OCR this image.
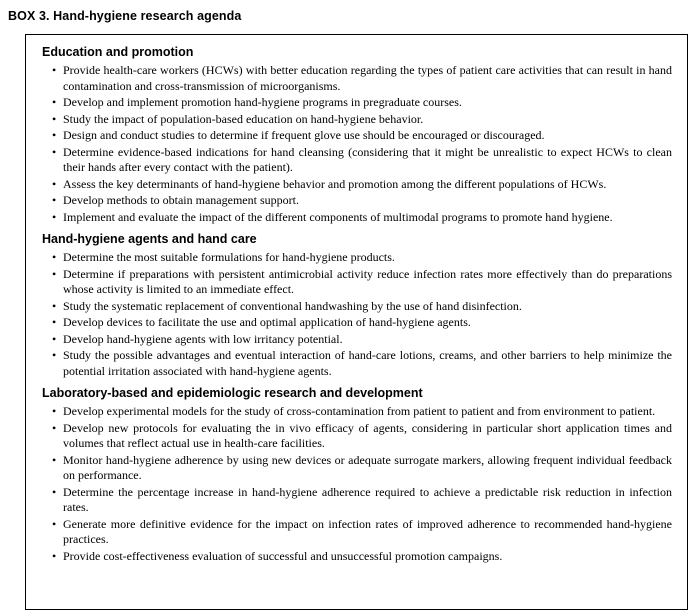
BOX 3. Hand-hygiene research agenda
Education and promotion
• Provide health-care workers (HCWs) with better education regarding the types of patient care activities that can result in hand contamination and cross-transmission of microorganisms.
• Develop and implement promotion hand-hygiene programs in pregraduate courses.
• Study the impact of population-based education on hand-hygiene behavior.
• Design and conduct studies to determine if frequent glove use should be encouraged or discouraged.
• Determine evidence-based indications for hand cleansing (considering that it might be unrealistic to expect HCWs to clean their hands after every contact with the patient).
• Assess the key determinants of hand-hygiene behavior and promotion among the different populations of HCWs.
• Develop methods to obtain management support.
• Implement and evaluate the impact of the different components of multimodal programs to promote hand hygiene.
Hand-hygiene agents and hand care
• Determine the most suitable formulations for hand-hygiene products.
• Determine if preparations with persistent antimicrobial activity reduce infection rates more effectively than do preparations whose activity is limited to an immediate effect.
• Study the systematic replacement of conventional handwashing by the use of hand disinfection.
• Develop devices to facilitate the use and optimal application of hand-hygiene agents.
• Develop hand-hygiene agents with low irritancy potential.
• Study the possible advantages and eventual interaction of hand-care lotions, creams, and other barriers to help minimize the potential irritation associated with hand-hygiene agents.
Laboratory-based and epidemiologic research and development
• Develop experimental models for the study of cross-contamination from patient to patient and from environment to patient.
• Develop new protocols for evaluating the in vivo efficacy of agents, considering in particular short application times and volumes that reflect actual use in health-care facilities.
• Monitor hand-hygiene adherence by using new devices or adequate surrogate markers, allowing frequent individual feedback on performance.
• Determine the percentage increase in hand-hygiene adherence required to achieve a predictable risk reduction in infection rates.
• Generate more definitive evidence for the impact on infection rates of improved adherence to recommended hand-hygiene practices.
• Provide cost-effectiveness evaluation of successful and unsuccessful promotion campaigns.
